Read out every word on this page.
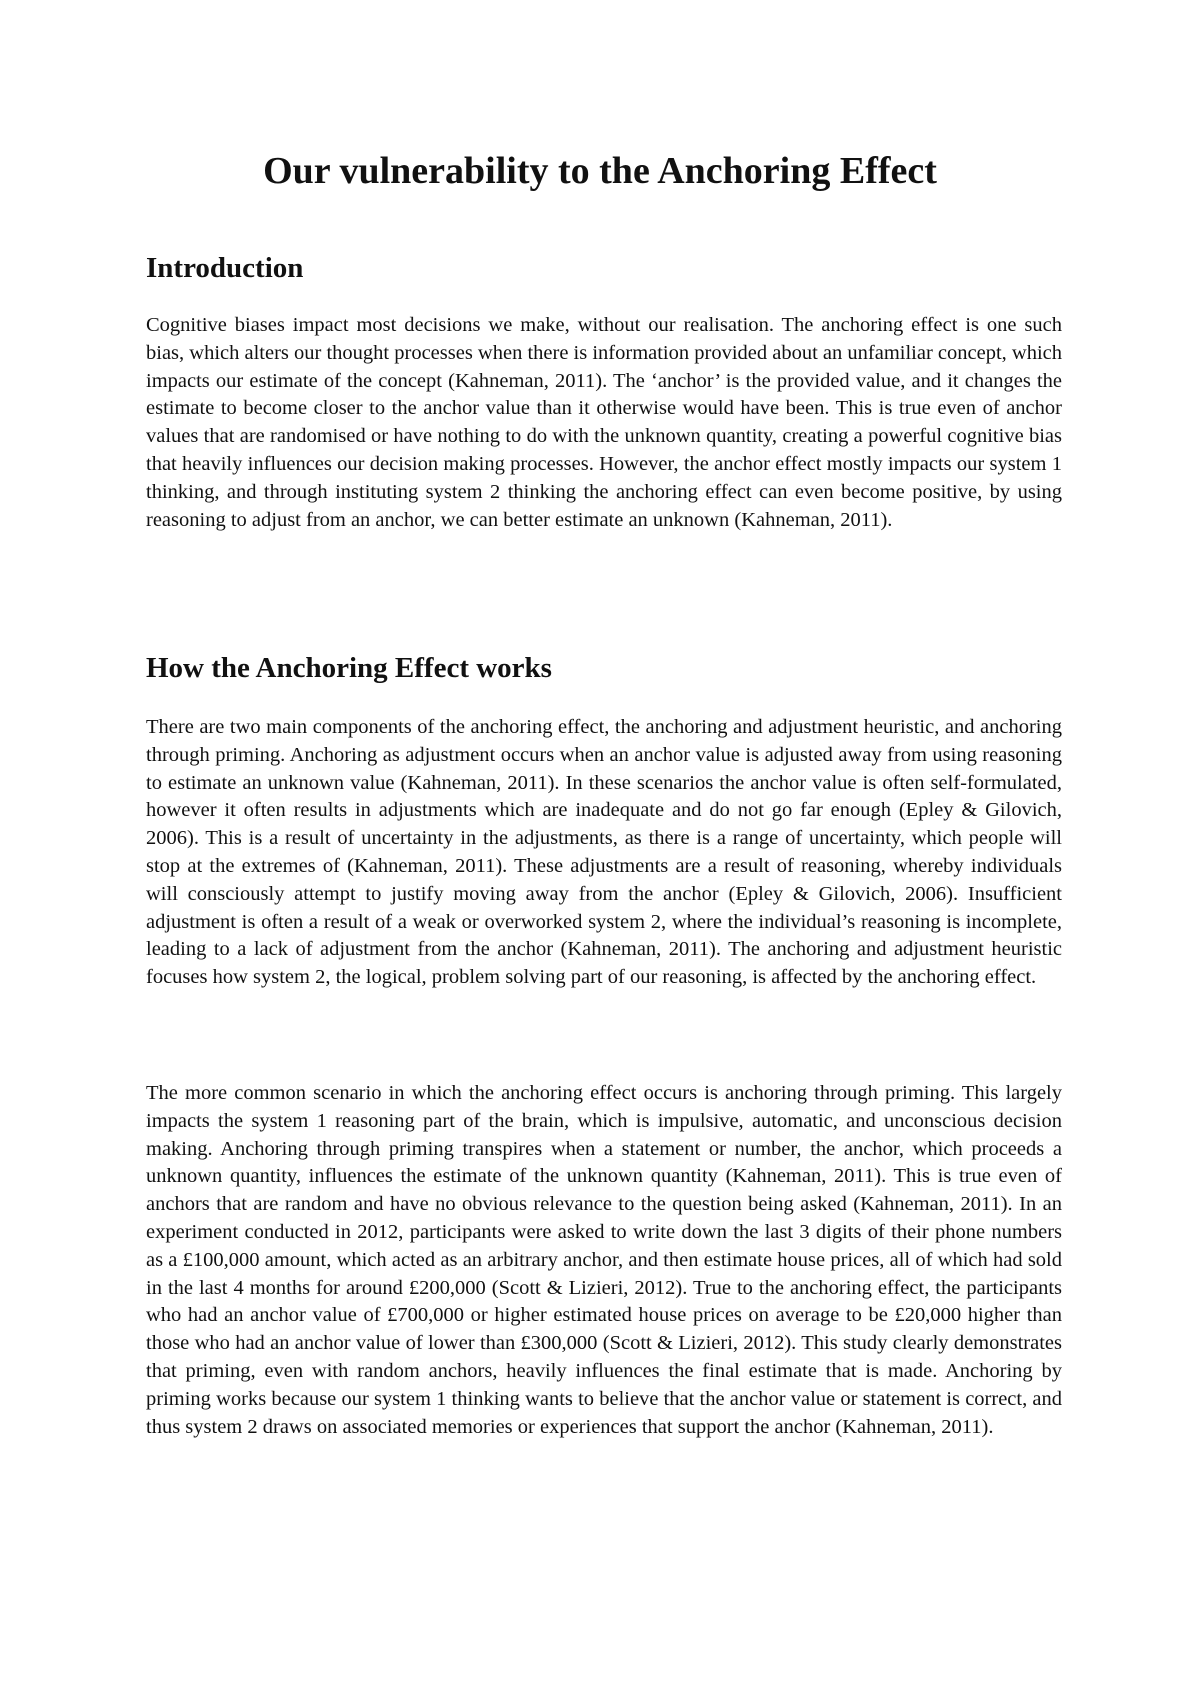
Our vulnerability to the Anchoring Effect
Introduction

Cognitive biases impact most decisions we make, without our realisation. The anchoring effect is one such bias, which alters our thought processes when there is information provided about an unfamiliar concept, which impacts our estimate of the concept (Kahneman, 2011). The ‘anchor’ is the provided value, and it changes the estimate to become closer to the anchor value than it otherwise would have been. This is true even of anchor values that are randomised or have nothing to do with the unknown quantity, creating a powerful cognitive bias that heavily influences our decision making processes. However, the anchor effect mostly impacts our system 1 thinking, and through instituting system 2 thinking the anchoring effect can even become positive, by using reasoning to adjust from an anchor, we can better estimate an unknown (Kahneman, 2011).

How the Anchoring Effect works

There are two main components of the anchoring effect, the anchoring and adjustment heuristic, and anchoring through priming. Anchoring as adjustment occurs when an anchor value is adjusted away from using reasoning to estimate an unknown value (Kahneman, 2011). In these scenarios the anchor value is often self-formulated, however it often results in adjustments which are inadequate and do not go far enough (Epley & Gilovich, 2006). This is a result of uncertainty in the adjustments, as there is a range of uncertainty, which people will stop at the extremes of (Kahneman, 2011). These adjustments are a result of reasoning, whereby individuals will consciously attempt to justify moving away from the anchor (Epley & Gilovich, 2006). Insufficient adjustment is often a result of a weak or overworked system 2, where the individual’s reasoning is incomplete, leading to a lack of adjustment from the anchor (Kahneman, 2011). The anchoring and adjustment heuristic focuses how system 2, the logical, problem solving part of our reasoning, is affected by the anchoring effect.

The more common scenario in which the anchoring effect occurs is anchoring through priming. This largely impacts the system 1 reasoning part of the brain, which is impulsive, automatic, and unconscious decision making. Anchoring through priming transpires when a statement or number, the anchor, which proceeds a unknown quantity, influences the estimate of the unknown quantity (Kahneman, 2011). This is true even of anchors that are random and have no obvious relevance to the question being asked (Kahneman, 2011). In an experiment conducted in 2012, participants were asked to write down the last 3 digits of their phone numbers as a £100,000 amount, which acted as an arbitrary anchor, and then estimate house prices, all of which had sold in the last 4 months for around £200,000 (Scott & Lizieri, 2012). True to the anchoring effect, the participants who had an anchor value of £700,000 or higher estimated house prices on average to be £20,000 higher than those who had an anchor value of lower than £300,000 (Scott & Lizieri, 2012). This study clearly demonstrates that priming, even with random anchors, heavily influences the final estimate that is made. Anchoring by priming works because our system 1 thinking wants to believe that the anchor value or statement is correct, and thus system 2 draws on associated memories or experiences that support the anchor (Kahneman, 2011).
